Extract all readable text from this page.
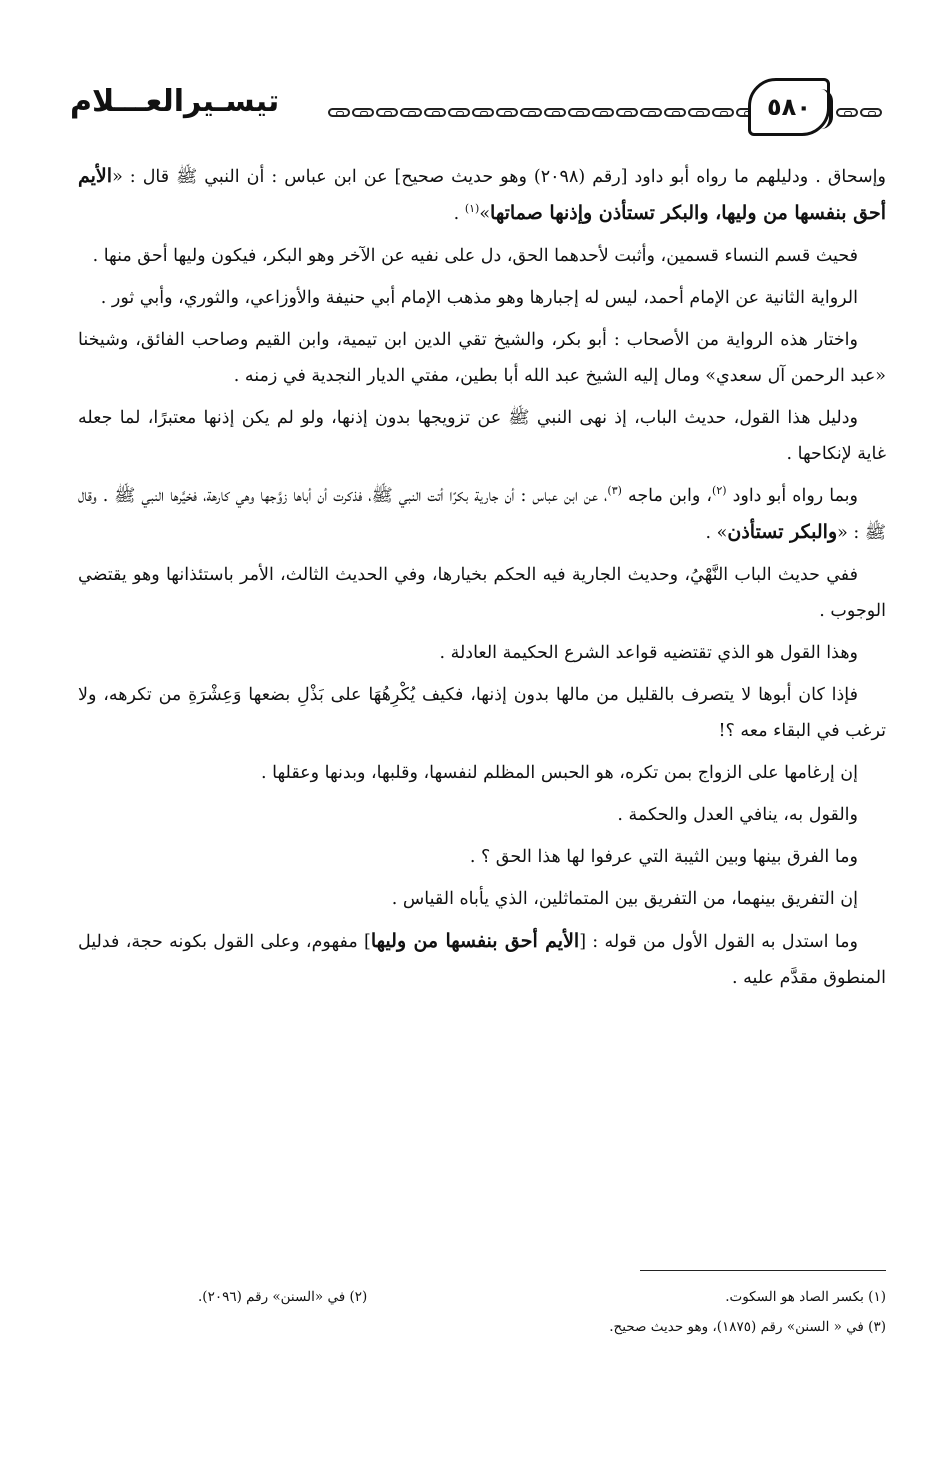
تيسـيرالعـــلام	٥٨٠

وإسحاق . ودليلهم ما رواه أبو داود [رقم (٢٠٩٨) وهو حديث صحيح] عن ابن عباس : أن النبي ﷺ قال : «الأيم أحق بنفسها من وليها، والبكر تستأذن وإذنها صماتها»$^{(١)}$ .

فحيث قسم النساء قسمين، وأثبت لأحدهما الحق، دل على نفيه عن الآخر وهو البكر، فيكون وليها أحق منها .

الرواية الثانية عن الإمام أحمد، ليس له إجبارها وهو مذهب الإمام أبي حنيفة والأوزاعي، والثوري، وأبي ثور .

واختار هذه الرواية من الأصحاب : أبو بكر، والشيخ تقي الدين ابن تيمية، وابن القيم وصاحب الفائق، وشيخنا «عبد الرحمن آل سعدي» ومال إليه الشيخ عبد الله أبا بطين، مفتي الديار النجدية في زمنه .

ودليل هذا القول، حديث الباب، إذ نهى النبي ﷺ عن تزويجها بدون إذنها، ولو لم يكن إذنها معتبرًا، لما جعله غاية لإنكاحها .

وبما رواه أبو داود $^{(٢)}$، وابن ماجه $^{(٣)}$، عن ابن عباس : أن جارية بكرًا أتت النبي ﷺ، فذكرت أن أباها زوَّجها وهي كارهة، فخيَّرها النبي ﷺ . وقال ﷺ : «والبكر تستأذن» .

ففي حديث الباب النَّهْيُ، وحديث الجارية فيه الحكم بخيارها، وفي الحديث الثالث، الأمر باستئذانها وهو يقتضي الوجوب .

وهذا القول هو الذي تقتضيه قواعد الشرع الحكيمة العادلة .

فإذا كان أبوها لا يتصرف بالقليل من مالها بدون إذنها، فكيف يُكْرِهُهَا على بَذْلِ بضعها وَعِشْرَةِ من تكرهه، ولا ترغب في البقاء معه ؟!

إن إرغامها على الزواج بمن تكره، هو الحبس المظلم لنفسها، وقلبها، وبدنها وعقلها .

والقول به، ينافي العدل والحكمة .

وما الفرق بينها وبين الثيبة التي عرفوا لها هذا الحق ؟ .

إن التفريق بينهما، من التفريق بين المتماثلين، الذي يأباه القياس .

وما استدل به القول الأول من قوله : [الأيم أحق بنفسها من وليها] مفهوم، وعلى القول بكونه حجة، فدليل المنطوق مقدَّم عليه .

(١) بكسر الصاد هو السكوت.
(٢) في «السنن» رقم (٢٠٩٦).
(٣) في « السنن» رقم (١٨٧٥)، وهو حديث صحيح.
